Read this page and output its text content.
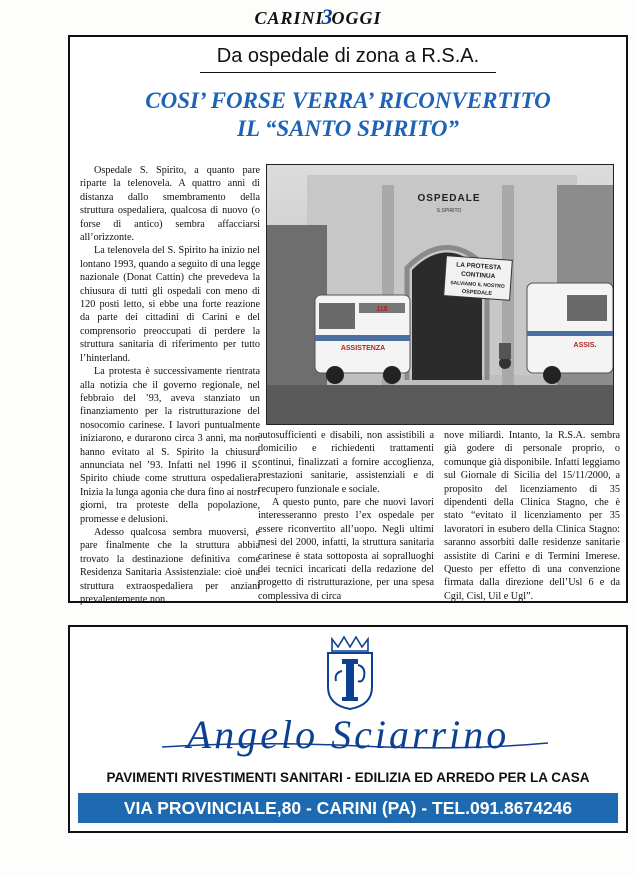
CARINI3OGGI
Da ospedale di zona a R.S.A.
COSI’ FORSE VERRA’ RICONVERTITO
IL “SANTO SPIRITO”

Ospedale S. Spirito, a quanto pare riparte la telenovela. A quattro anni di distanza dallo smembramento della struttura ospedaliera, qualcosa di nuovo (o forse di antico) sembra affacciarsi all’orizzonte.

La telenovela del S. Spirito ha inizio nel lontano 1993, quando a seguito di una legge nazionale (Donat Cattin) che prevedeva la chiusura di tutti gli ospedali con meno di 120 posti letto, si ebbe una forte reazione da parte dei cittadini di Carini e del comprensorio preoccupati di perdere la struttura sanitaria di riferimento per tutto l’hinterland.

La protesta è successivamente rientrata alla notizia che il governo regionale, nel febbraio del ’93, aveva stanziato un finanziamento per la ristrutturazione del nosocomio carinese. I lavori puntualmente iniziarono, e durarono circa 3 anni, ma non hanno evitato al S. Spirito la chiusura annunciata nel ’93. Infatti nel 1996 il S. Spirito chiude come struttura ospedaliera. Inizia la lunga agonia che dura fino ai nostri giorni, tra proteste della popolazione, promesse e delusioni.

Adesso qualcosa sembra muoversi, e pare finalmente che la struttura abbia trovato la destinazione definitiva come Residenza Sanitaria Assistenziale: cioè una struttura extraospedaliera per anziani prevalentemente non

OSPEDALE
S.SPIRITO
LA PROTESTA
CONTINUA
SALVIAMO IL NOSTRO
OSPEDALE
118
ASSISTENZA	ASSIS.

autosufficienti e disabili, non assistibili a domicilio e richiedenti trattamenti continui, finalizzati a fornire accoglienza, prestazioni sanitarie, assistenziali e di recupero funzionale e sociale.

A questo punto, pare che nuovi lavori interesseranno presto l’ex ospedale per essere riconvertito all’uopo. Negli ultimi mesi del 2000, infatti, la struttura sanitaria carinese è stata sottoposta ai sopralluoghi dei tecnici incaricati della redazione del progetto di ristrutturazione, per una spesa complessiva di circa

nove miliardi. Intanto, la R.S.A. sembra già godere di personale proprio, o comunque già disponibile. Infatti leggiamo sul Giornale di Sicilia del 15/11/2000, a proposito del licenziamento di 35 dipendenti della Clinica Stagno, che è stato “evitato il licenziamento per 35 lavoratori in esubero della Clinica Stagno: saranno assorbiti dalle residenze sanitarie assistite di Carini e di Termini Imerese. Questo per effetto di una convenzione firmata dalla direzione dell’Usl 6 e da Cgil, Cisl, Uil e Ugl”.

Angelo Sciarrino
PAVIMENTI RIVESTIMENTI SANITARI - EDILIZIA ED ARREDO PER LA CASA
VIA PROVINCIALE,80 - CARINI (PA) - TEL.091.8674246
